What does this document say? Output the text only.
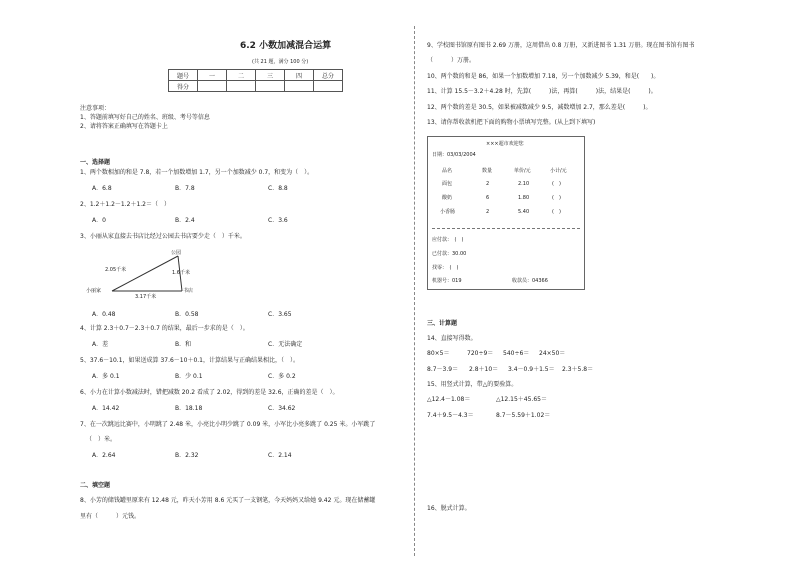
6.2 小数加减混合运算
(共 21 题，满分 100 分)
题号	一	二	三	四	总分
得分					
注意事项：
1、答题前填写好自己的姓名、班级、考号等信息
2、请将答案正确填写在答题卡上
一、选择题
1、两个数相加的和是 7.8，若一个加数增加 1.7，另一个加数减少 0.7，和变为（　）。
A．6.8	B．7.8	C．8.8
2、1.2＋1.2－1.2＋1.2＝（　）
A．0	B．2.4	C．3.6
3、小丽从家直接去书店比经过公园去书店要少走（　）千米。
公园
小丽家	书店
2.05千米	1.6千米
3.17千米
A．0.48	B．0.58	C．3.65
4、计算 2.3＋0.7－2.3＋0.7 的结果，最后一步求的是（　）。
A．差	B．和	C．无法确定
5、37.6－10.1，如果送成算 37.6－10＋0.1，计算结果与正确结果相比，（　）。
A．多 0.1	B．少 0.1	C．多 0.2
6、小力在计算小数减法时，错把减数 20.2 看成了 2.02，得到的差是 32.6，正确的差是（　）。
A．14.42	B．18.18	C．34.62
7、在一次跳远比赛中，小明跳了 2.48 米，小亮比小明少跳了 0.09 米，小军比小亮多跳了 0.25 米。小军跳了
（　）米。
A．2.64	B．2.32	C．2.14
二、填空题
8、小芳的储钱罐里原来有 12.48 元，昨天小芳用 8.6 元买了一支钢笔，今天妈妈又给她 9.42 元。现在储蓄罐
里有（　　　）元钱。
9、学校图书馆原有图书 2.69 万册，这周借出 0.8 万册，又新进图书 1.31 万册。现在图书馆有图书
（　　　）万册。
10、两个数的和是 86，如果一个加数增加 7.18，另一个加数减少 5.39，和是(　　)。
11、计算 15.5－3.2＋4.28 时，先算(　　　)法，再算(　　　)法，结果是(　　　)。
12、两个数的差是 30.5，如果被减数减少 9.5，减数增加 2.7，那么差是(　　　)。
13、请你帮收款机把下面的购物小票填写完整。(从上到下填写)
×××超市欢迎您
日期：03/03/2004
品名	数量	单价/元	小计/元
面包	2	2.10	(　)
酸奶	6	1.80	(　)
小香肠	2	5.40	(　)
应付款：　(　)
已付款：30.00
找零：　(　)
机器号：019	收款员：04366
三、计算题
14、直接写得数。
80×5＝	720÷9＝ 540÷6＝ 24×50＝
8.7－3.9＝ 2.8＋10＝ 3.4－0.9＋1.5＝ 2.3＋5.8＝
15、用竖式计算，带△的要验算。
△12.4－1.08＝	△12.15＋45.65＝
7.4＋9.5－4.3＝	8.7－5.59＋1.02＝
16、脱式计算。
